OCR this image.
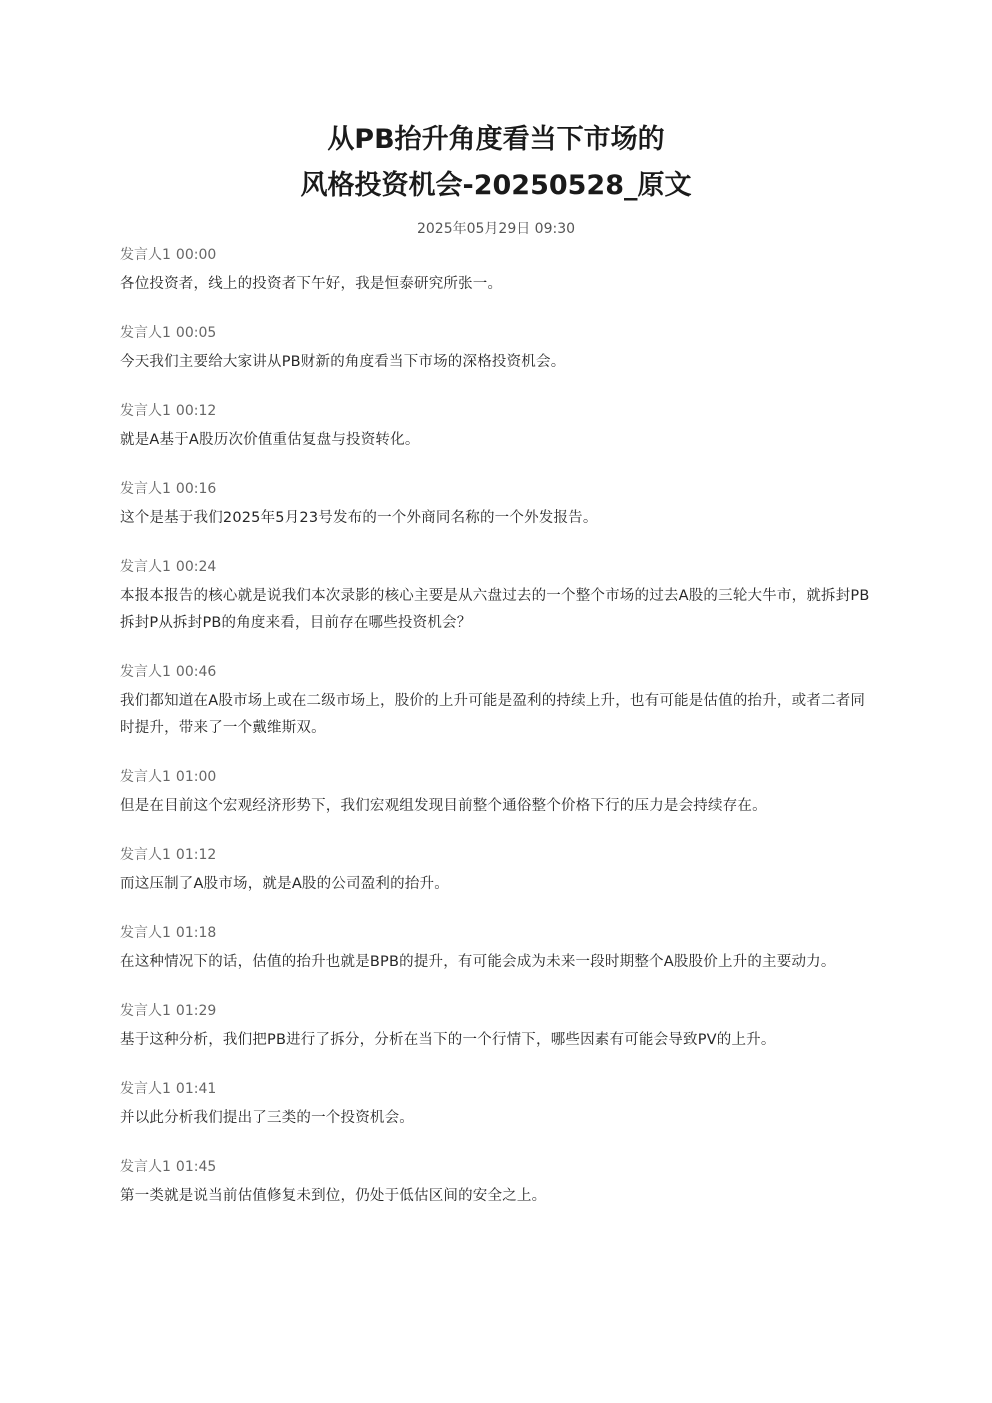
从PB抬升角度看当下市场的
风格投资机会-20250528_原文
2025年05月29日 09:30
发言人1 00:00
各位投资者，线上的投资者下午好，我是恒泰研究所张一。
发言人1 00:05
今天我们主要给大家讲从PB财新的角度看当下市场的深格投资机会。
发言人1 00:12
就是A基于A股历次价值重估复盘与投资转化。
发言人1 00:16
这个是基于我们2025年5月23号发布的一个外商同名称的一个外发报告。
发言人1 00:24
本报本报告的核心就是说我们本次录影的核心主要是从六盘过去的一个整个市场的过去A股的三轮大牛市，就拆封PB拆封P从拆封PB的角度来看，目前存在哪些投资机会？
发言人1 00:46
我们都知道在A股市场上或在二级市场上，股价的上升可能是盈利的持续上升，也有可能是估值的抬升，或者二者同时提升，带来了一个戴维斯双。
发言人1 01:00
但是在目前这个宏观经济形势下，我们宏观组发现目前整个通俗整个价格下行的压力是会持续存在。
发言人1 01:12
而这压制了A股市场，就是A股的公司盈利的抬升。
发言人1 01:18
在这种情况下的话，估值的抬升也就是BPB的提升，有可能会成为未来一段时期整个A股股价上升的主要动力。
发言人1 01:29
基于这种分析，我们把PB进行了拆分，分析在当下的一个行情下，哪些因素有可能会导致PV的上升。
发言人1 01:41
并以此分析我们提出了三类的一个投资机会。
发言人1 01:45
第一类就是说当前估值修复未到位，仍处于低估区间的安全之上。
